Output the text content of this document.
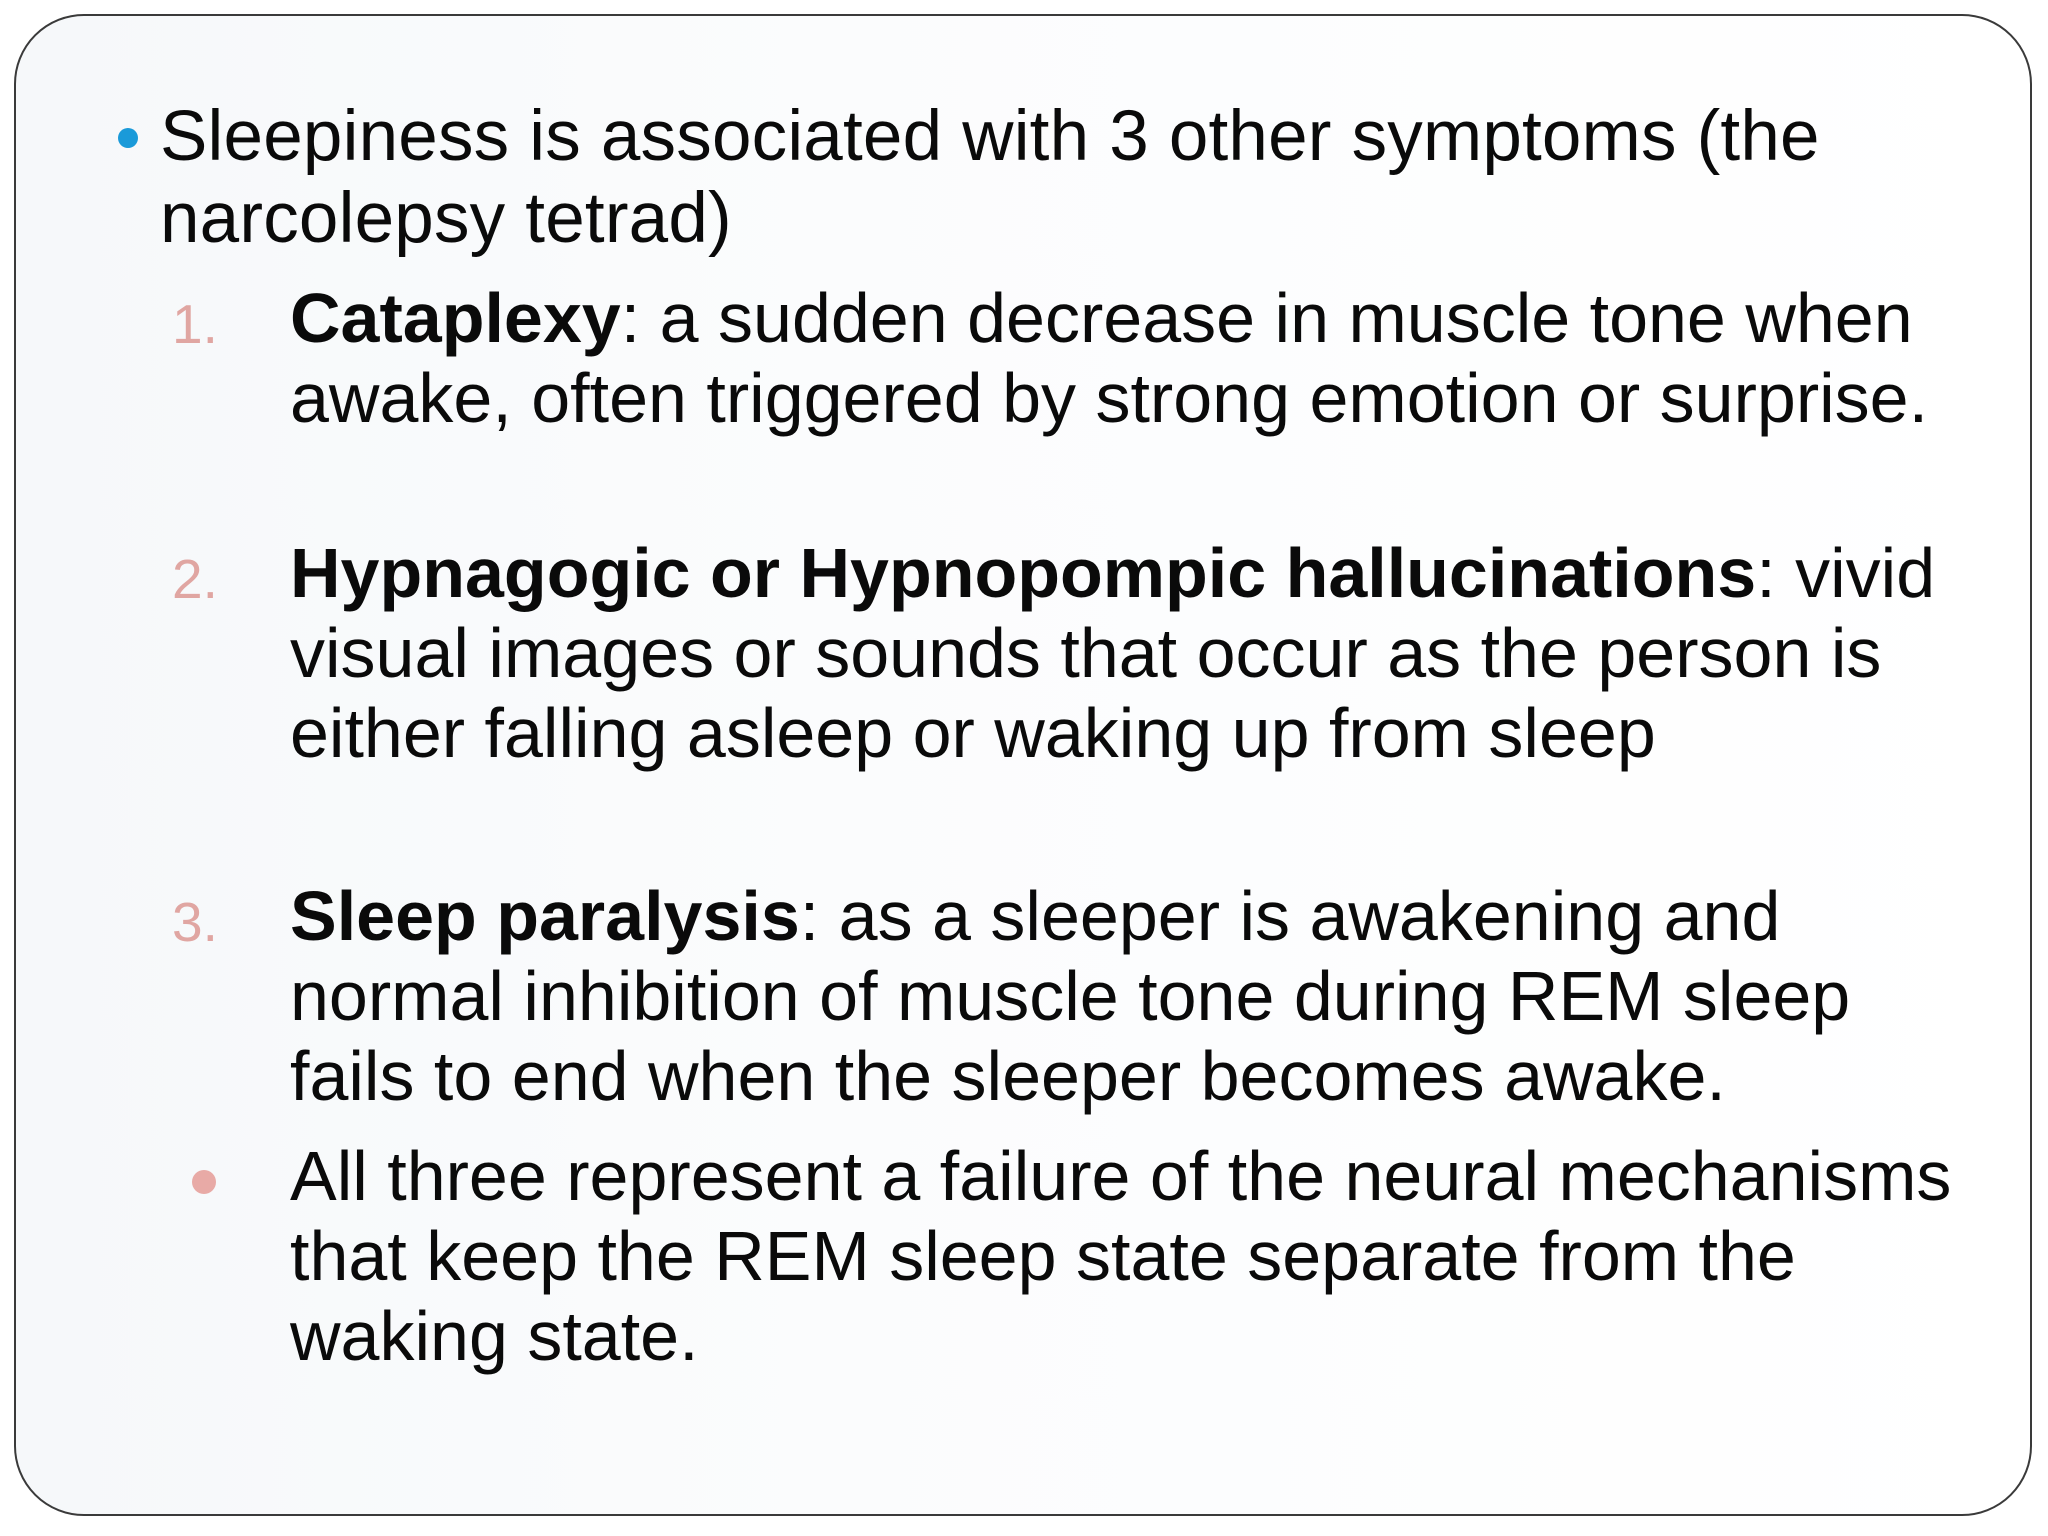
Sleepiness is associated with 3 other symptoms (the narcolepsy tetrad)
1.	Cataplexy: a sudden decrease in muscle tone when awake, often triggered by strong emotion or surprise.
2.	Hypnagogic or Hypnopompic hallucinations: vivid visual images or sounds that occur as the person is either falling asleep or waking up from sleep
3.	Sleep paralysis: as a sleeper is awakening and normal inhibition of muscle tone during REM sleep fails to end when the sleeper becomes awake.
All three represent a failure of the neural mechanisms that keep the REM sleep state separate from the waking state.
